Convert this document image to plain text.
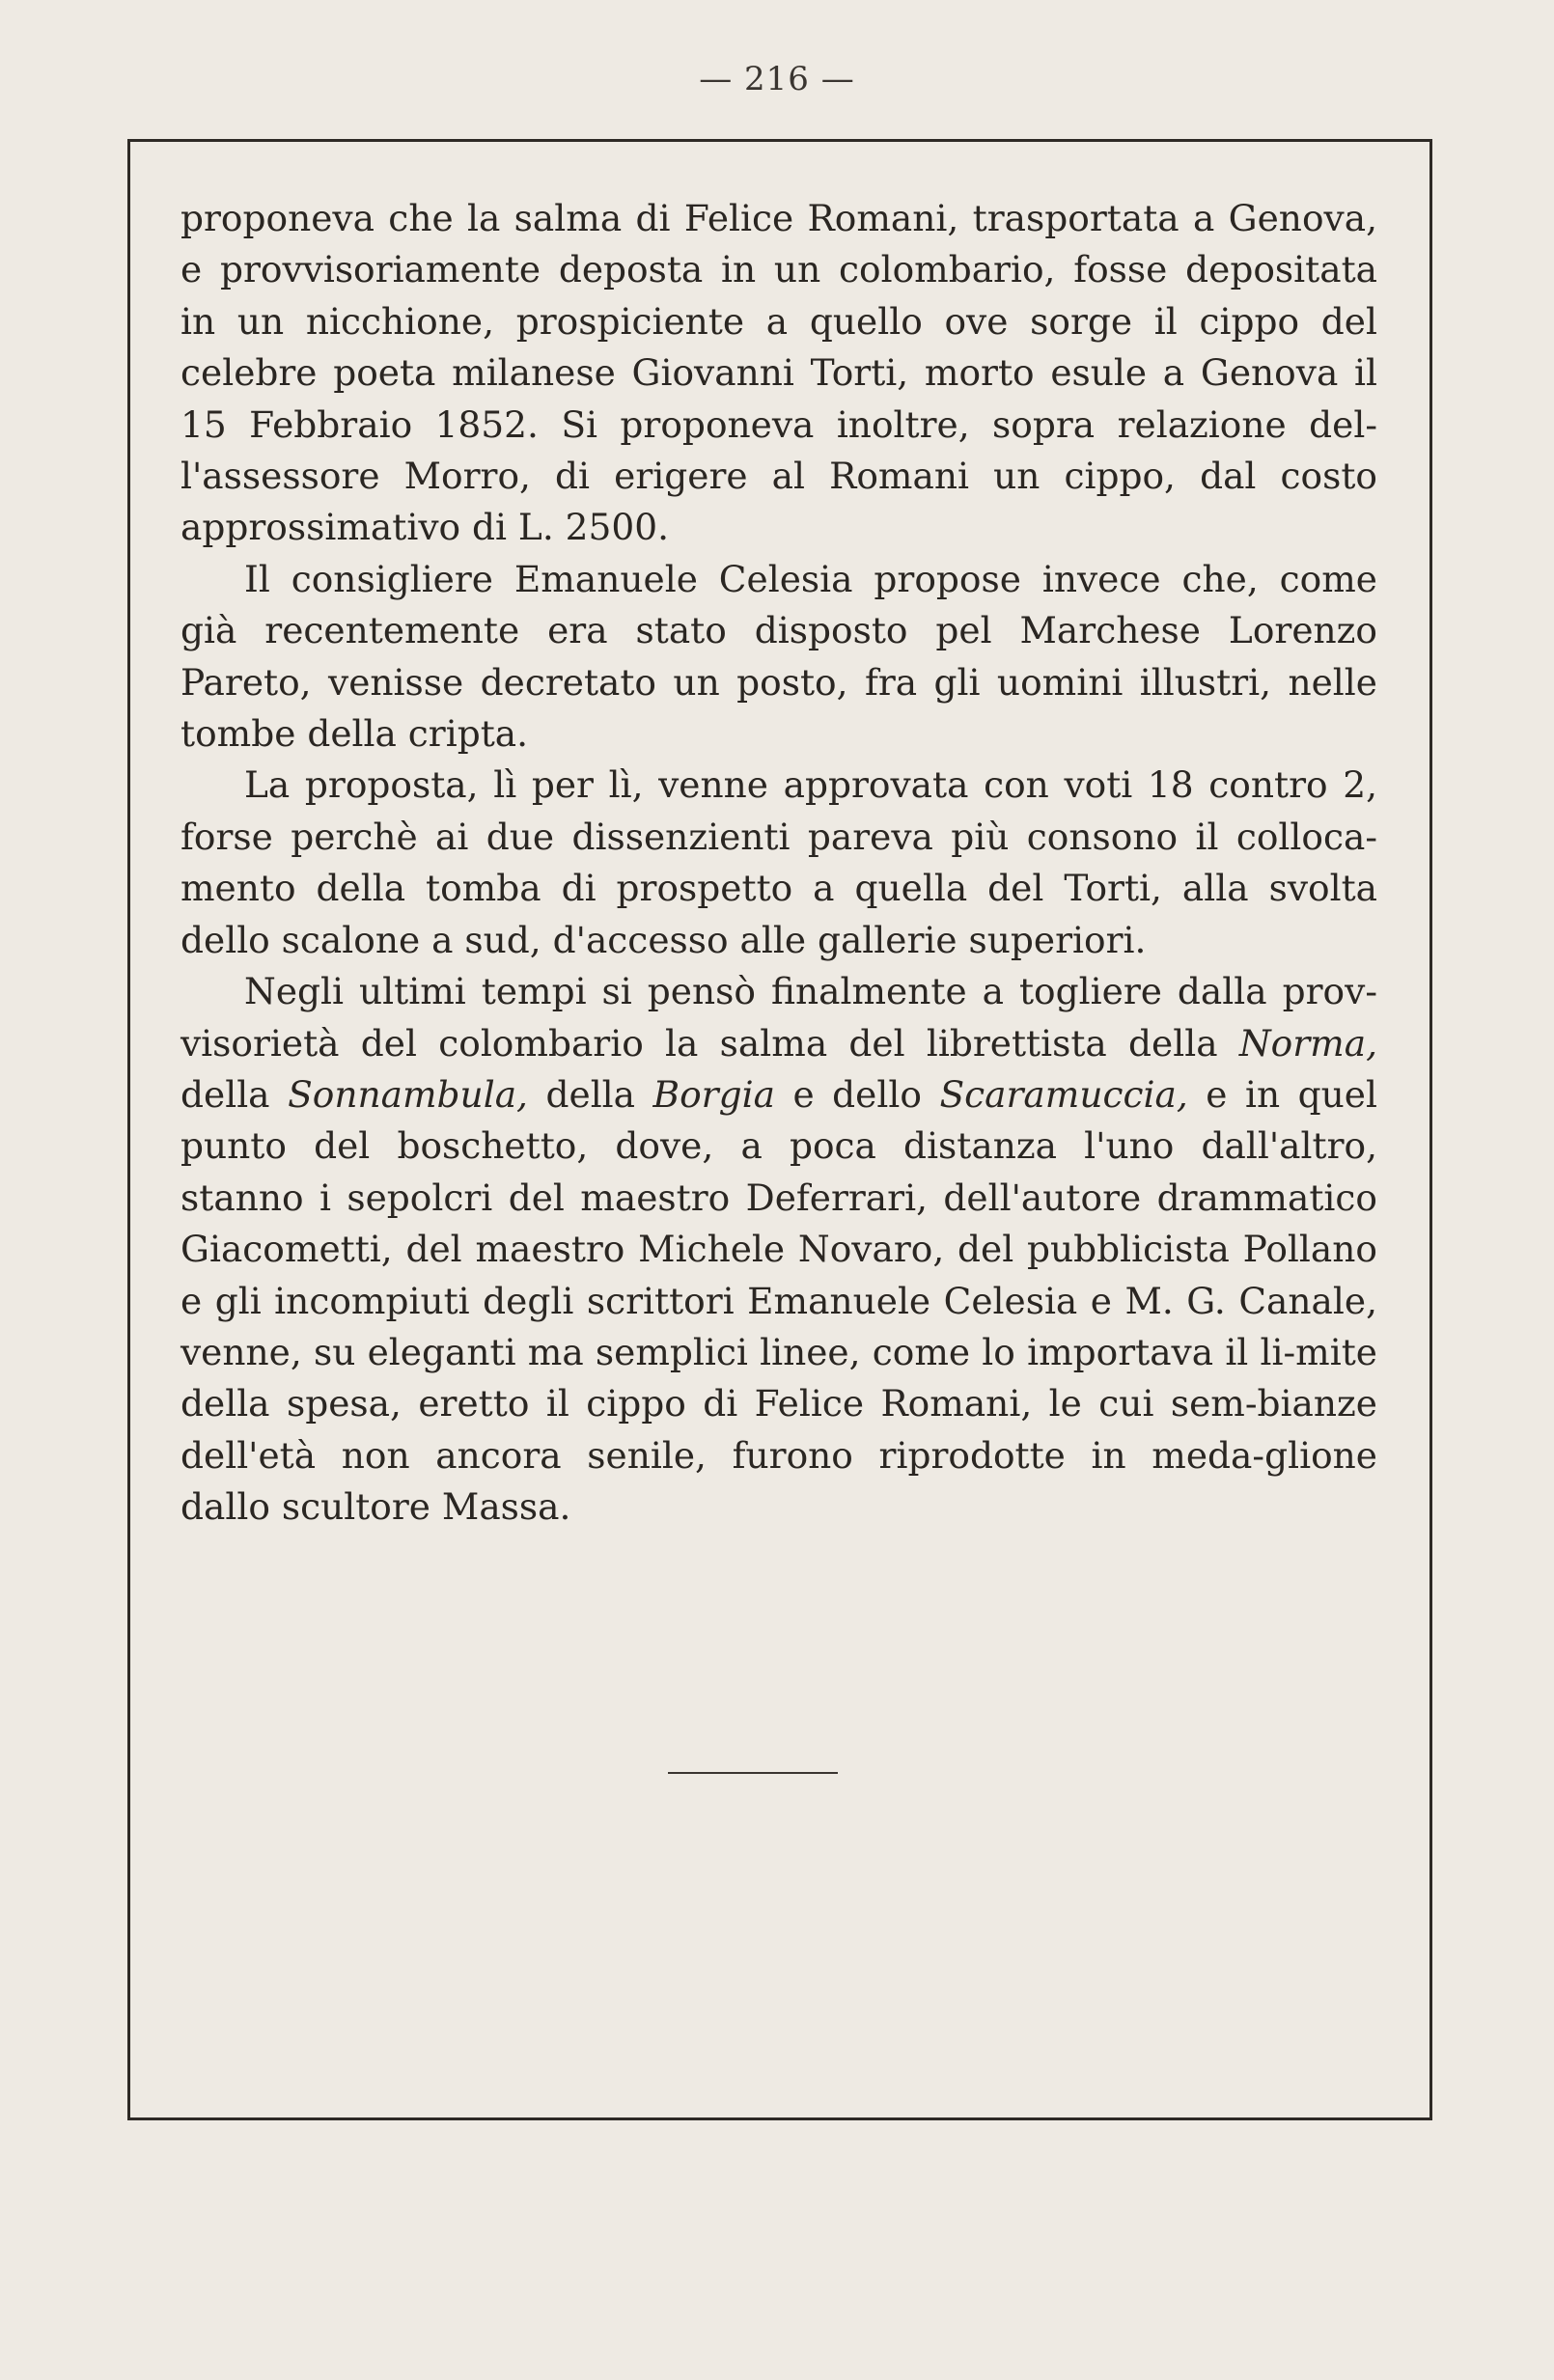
— 216 —

proponeva che la salma di Felice Romani, trasportata a Genova, e provvisoriamente deposta in un colombario, fosse depositata in un nicchione, prospiciente a quello ove sorge il cippo del celebre poeta milanese Giovanni Torti, morto esule a Genova il 15 Febbraio 1852. Si proponeva inoltre, sopra relazione del-l'assessore Morro, di erigere al Romani un cippo, dal costo approssimativo di L. 2500.

Il consigliere Emanuele Celesia propose invece che, come già recentemente era stato disposto pel Marchese Lorenzo Pareto, venisse decretato un posto, fra gli uomini illustri, nelle tombe della cripta.

La proposta, lì per lì, venne approvata con voti 18 contro 2, forse perchè ai due dissenzienti pareva più consono il colloca-mento della tomba di prospetto a quella del Torti, alla svolta dello scalone a sud, d'accesso alle gallerie superiori.

Negli ultimi tempi si pensò finalmente a togliere dalla prov-visorietà del colombario la salma del librettista della Norma, della Sonnambula, della Borgia e dello Scaramuccia, e in quel punto del boschetto, dove, a poca distanza l'uno dall'altro, stanno i sepolcri del maestro Deferrari, dell'autore drammatico Giacometti, del maestro Michele Novaro, del pubblicista Pollano e gli incompiuti degli scrittori Emanuele Celesia e M. G. Canale, venne, su eleganti ma semplici linee, come lo importava il li-mite della spesa, eretto il cippo di Felice Romani, le cui sem-bianze dell'età non ancora senile, furono riprodotte in meda-glione dallo scultore Massa.
